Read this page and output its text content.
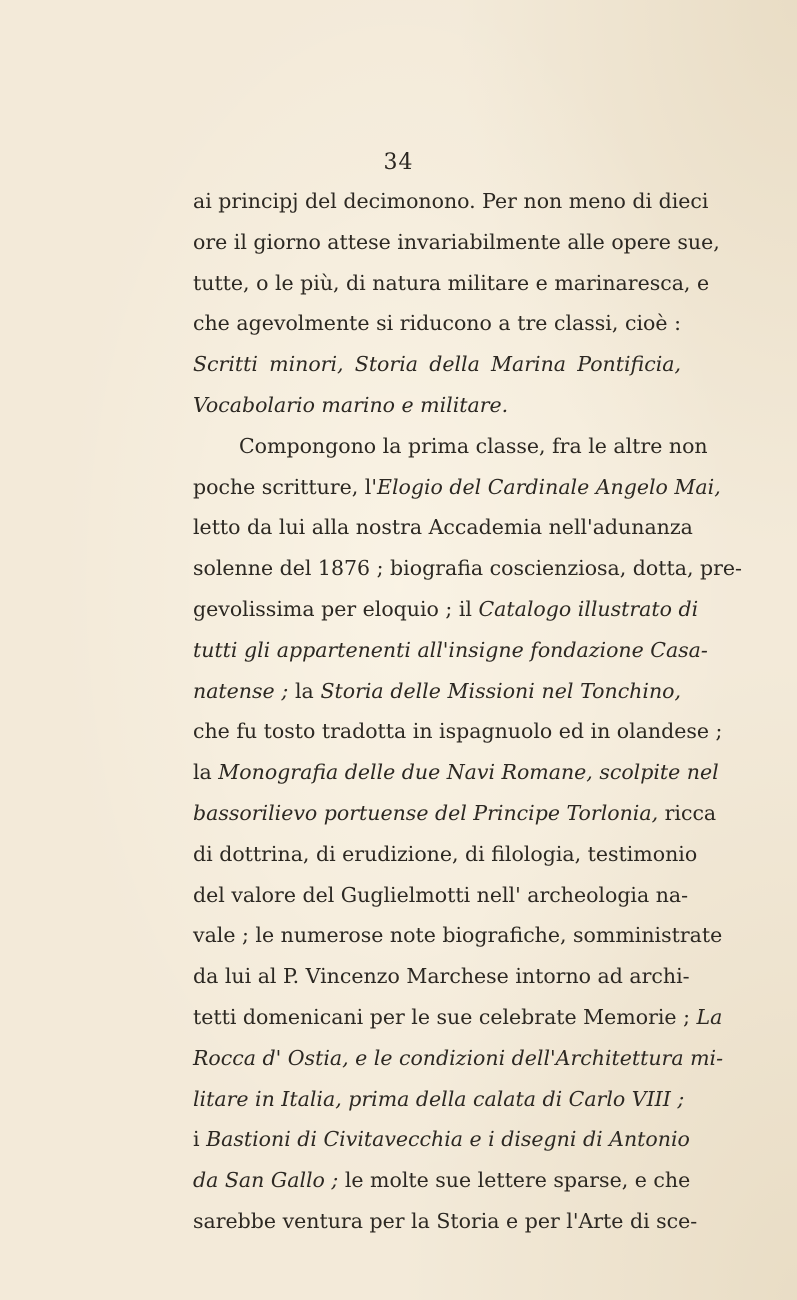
34
ai principj del decimonono. Per non meno di dieci
ore il giorno attese invariabilmente alle opere sue,
tutte, o le più, di natura militare e marinaresca, e
che agevolmente si riducono a tre classi, cioè :
Scritti minori, Storia della Marina Pontificia,
Vocabolario marino e militare.
Compongono la prima classe, fra le altre non
poche scritture, l'Elogio del Cardinale Angelo Mai,
letto da lui alla nostra Accademia nell'adunanza
solenne del 1876 ; biografia coscienziosa, dotta, pre-
gevolissima per eloquio ; il Catalogo illustrato di
tutti gli appartenenti all'insigne fondazione Casa-
natense ; la Storia delle Missioni nel Tonchino,
che fu tosto tradotta in ispagnuolo ed in olandese ;
la Monografia delle due Navi Romane, scolpite nel
bassorilievo portuense del Principe Torlonia, ricca
di dottrina, di erudizione, di filologia, testimonio
del valore del Guglielmotti nell' archeologia na-
vale ; le numerose note biografiche, somministrate
da lui al P. Vincenzo Marchese intorno ad archi-
tetti domenicani per le sue celebrate Memorie ; La
Rocca d' Ostia, e le condizioni dell'Architettura mi-
litare in Italia, prima della calata di Carlo VIII ;
i Bastioni di Civitavecchia e i disegni di Antonio
da San Gallo ; le molte sue lettere sparse, e che
sarebbe ventura per la Storia e per l'Arte di sce-
